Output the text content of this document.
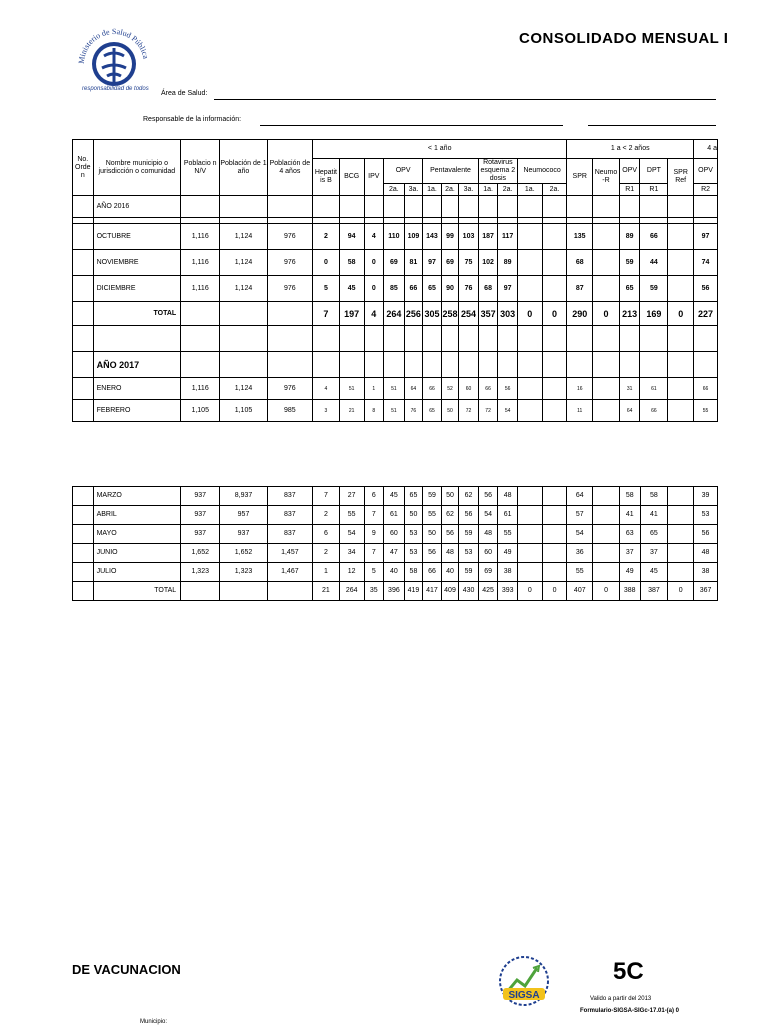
Ministerio de Salud Pública
responsabilidad de todos
CONSOLIDADO MENSUAL I
Área de Salud:
Responsable de la información:
No. Orde n	Nombre municipio o jurisdicción o comunidad	Poblacio n N/V	Población de 1 año	Población de 4 años	< 1 año												1 a < 2 años					4 a
					Hepatit is B	BCG	IPV	OPV		Pentavalente			Rotavirus esquema 2 dosis		Neumococo		SPR	Neumo -R	OPV	DPT	SPR Ref	OPV
								2a.	3a.	1a.	2a.	3a.	1a.	2a.	1a.	2a.			R1	R1		R2
	AÑO 2016																					

	OCTUBRE	1,116	1,124	976	2	94	4	110	109	143	99	103	187	117			135		89	66		97
	NOVIEMBRE	1,116	1,124	976	0	58	0	69	81	97	69	75	102	89			68		59	44		74
	DICIEMBRE	1,116	1,124	976	5	45	0	85	66	65	90	76	68	97			87		65	59		56
	TOTAL				7	197	4	264	256	305	258	254	357	303	0	0	290	0	213	169	0	227

	AÑO 2017																					
	ENERO	1,116	1,124	976	4	51	1	51	64	66	52	60	66	56			16		31	61		66
	FEBRERO	1,105	1,105	985	3	21	8	51	76	65	50	72	72	54			11		64	66		55
	MARZO	937	8,937	837	7	27	6	45	65	59	50	62	56	48			64		58	58		39
	ABRIL	937	957	837	2	55	7	61	50	55	62	56	54	61			57		41	41		53
	MAYO	937	937	837	6	54	9	60	53	50	56	59	48	55			54		63	65		56
	JUNIO	1,652	1,652	1,457	2	34	7	47	53	56	48	53	60	49			36		37	37		48
	JULIO	1,323	1,323	1,467	1	12	5	40	58	66	40	59	69	38			55		49	45		38
	TOTAL				21	264	35	396	419	417	409	430	425	393	0	0	407	0	388	387	0	367
DE VACUNACION
SIGSA
5C
Valido a partir del 2013
Formulario-SIGSA-SIGc-17.01-(a) 0
Municipio:
